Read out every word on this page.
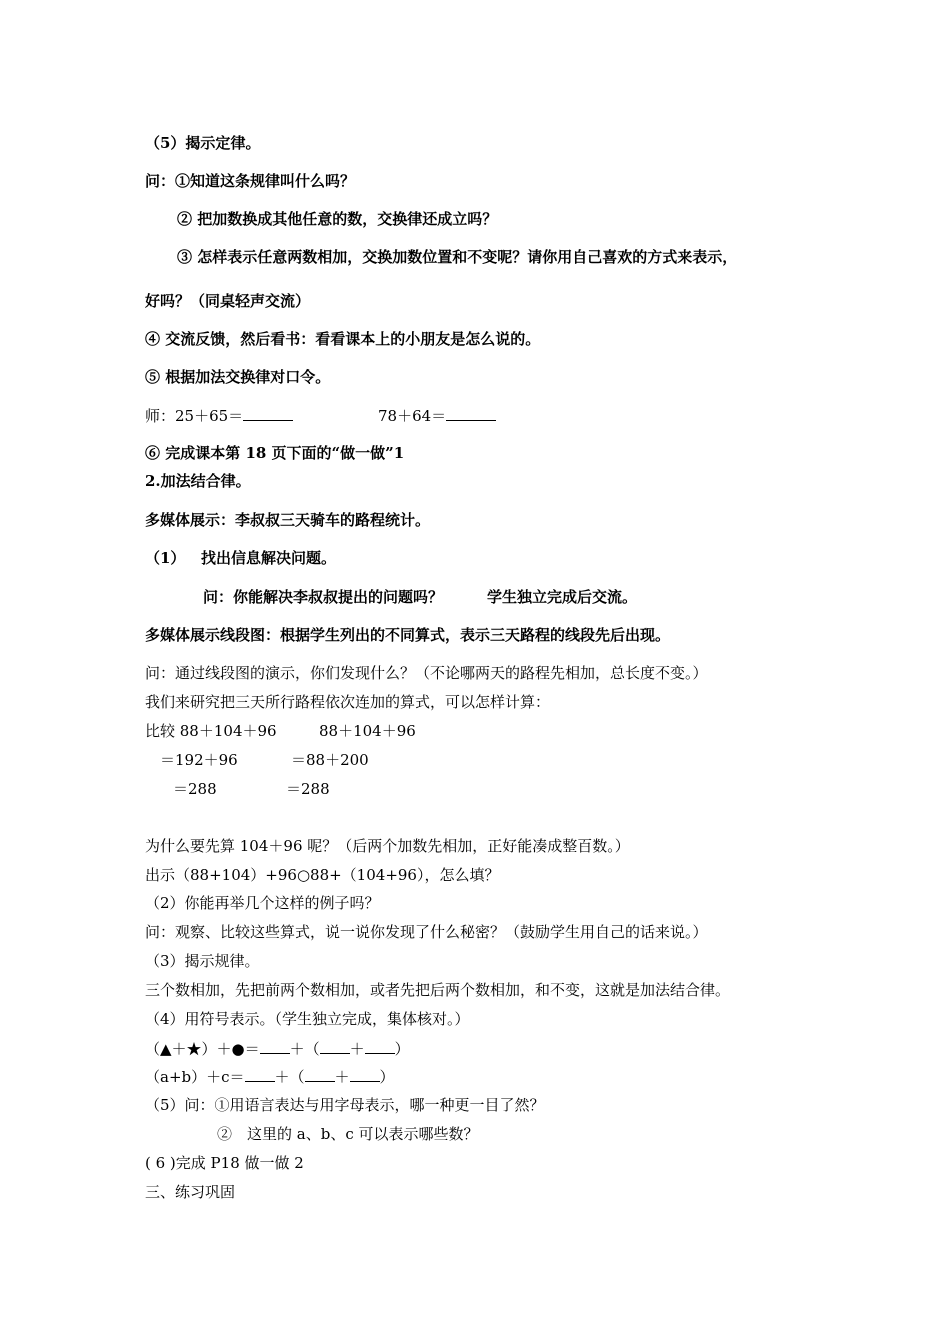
（5）揭示定律。
问：①知道这条规律叫什么吗？
② 把加数换成其他任意的数，交换律还成立吗？
③ 怎样表示任意两数相加，交换加数位置和不变呢？请你用自己喜欢的方式来表示，
好吗？（同桌轻声交流）
④ 交流反馈，然后看书：看看课本上的小朋友是怎么说的。
⑤ 根据加法交换律对口令。
师：25＋65＝	78＋64＝
⑥ 完成课本第 18 页下面的“做一做”1
2.加法结合律。
多媒体展示：李叔叔三天骑车的路程统计。
（1） 找出信息解决问题。
问：你能解决李叔叔提出的问题吗？	学生独立完成后交流。
多媒体展示线段图：根据学生列出的不同算式，表示三天路程的线段先后出现。
问：通过线段图的演示，你们发现什么？（不论哪两天的路程先相加，总长度不变。）
我们来研究把三天所行路程依次连加的算式，可以怎样计算：
比较 88＋104＋96	88＋104＋96
＝192＋96	＝88＋200
＝288	＝288
为什么要先算 104＋96 呢？（后两个加数先相加，正好能凑成整百数。）
出示（88+104）+96○88+（104+96），怎么填？
（2）你能再举几个这样的例子吗？
问：观察、比较这些算式，说一说你发现了什么秘密？（鼓励学生用自己的话来说。）
（3）揭示规律。
三个数相加，先把前两个数相加，或者先把后两个数相加，和不变，这就是加法结合律。
（4）用符号表示。（学生独立完成，集体核对。）
（▲＋★）＋●＝ ＋（ ＋ ）
（a+b）＋c＝ ＋（ ＋ ）
（5）问：①用语言表达与用字母表示，哪一种更一目了然？
②　这里的 a、b、c 可以表示哪些数？
( 6 )完成 P18 做一做 2
三、练习巩固
